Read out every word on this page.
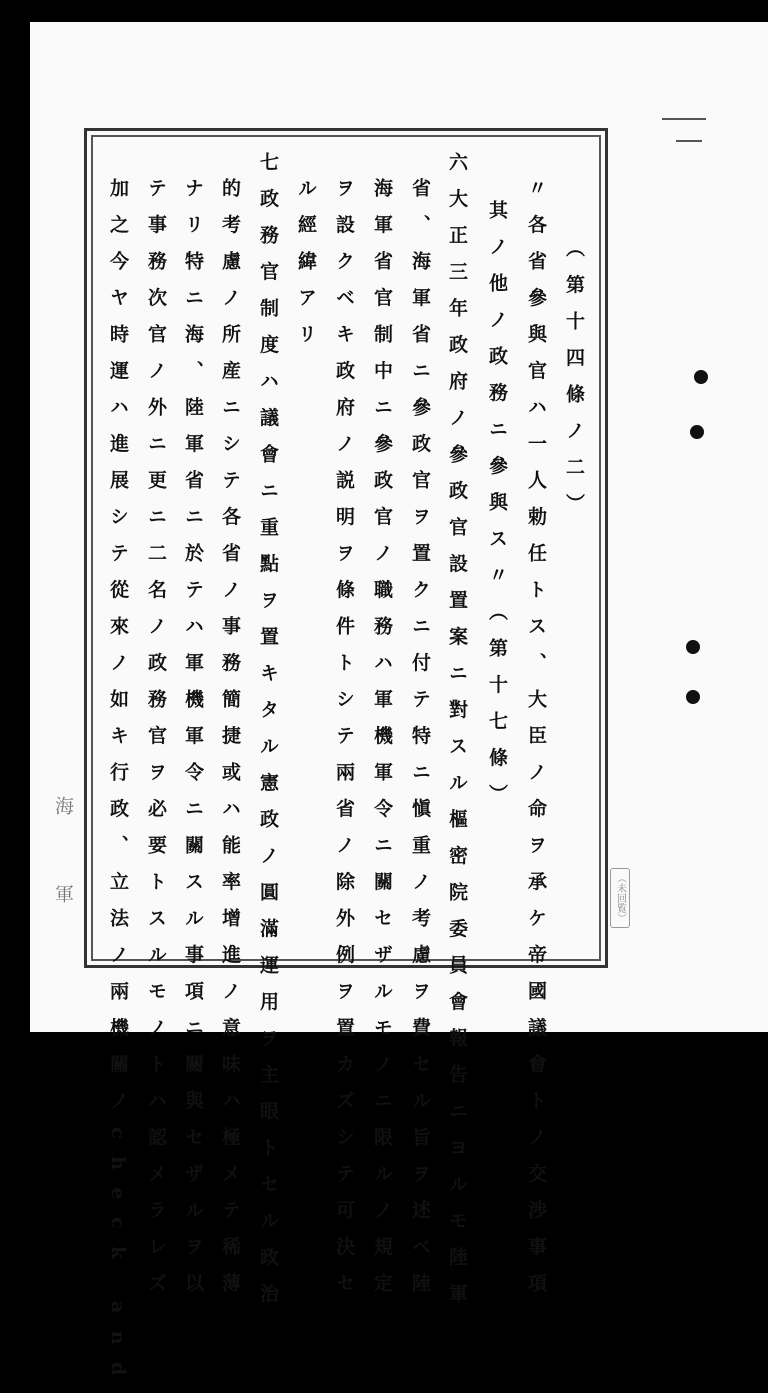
（第十四條ノ二）
〃各省參與官ハ一人勅任トス、大臣ノ命ヲ承ケ帝國議會トノ交渉事項
其ノ他ノ政務ニ參與ス〃（第十七條）
六大正三年政府ノ參政官設置案ニ對スル樞密院委員會報告ニヨルモ陸軍
省、海軍省ニ參政官ヲ置クニ付テ特ニ愼重ノ考慮ヲ費セル旨ヲ述ベ陸
海軍省官制中ニ參政官ノ職務ハ軍機軍令ニ關セザルモノニ限ルノ規定
ヲ設クベキ政府ノ説明ヲ條件トシテ兩省ノ除外例ヲ置カズシテ可決セ
ル經緯アリ
七政務官制度ハ議會ニ重點ヲ置キタル憲政ノ圓滿運用ヲ主眼トセル政治
的考慮ノ所産ニシテ各省ノ事務簡捷或ハ能率增進ノ意味ハ極メテ稀薄
ナリ特ニ海、陸軍省ニ於テハ軍機軍令ニ關スル事項ニ關與セザルヲ以
テ事務次官ノ外ニ更ニ二名ノ政務官ヲ必要トスルモノトハ認メラレズ
加之今ヤ時運ハ進展シテ從來ノ如キ行政、立法ノ兩機關ノcheck and
海
軍	（未回覧）
